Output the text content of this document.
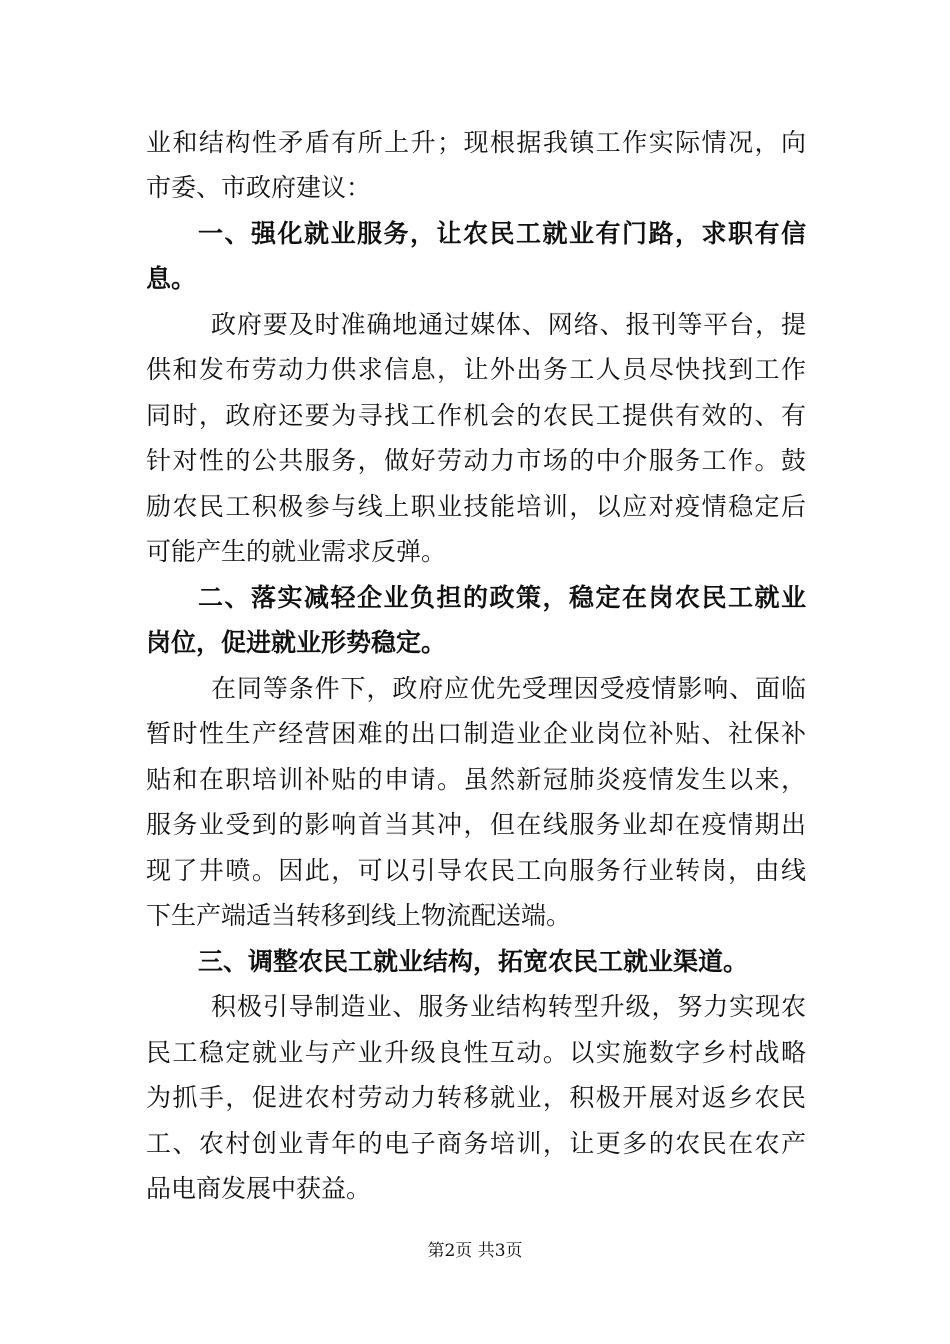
业和结构性矛盾有所上升；现根据我镇工作实际情况，向
市委、市政府建议：
一、强化就业服务，让农民工就业有门路，求职有信
息。
政府要及时准确地通过媒体、网络、报刊等平台，提
供和发布劳动力供求信息，让外出务工人员尽快找到工作
同时，政府还要为寻找工作机会的农民工提供有效的、有
针对性的公共服务，做好劳动力市场的中介服务工作。鼓
励农民工积极参与线上职业技能培训，以应对疫情稳定后
可能产生的就业需求反弹。
二、落实减轻企业负担的政策，稳定在岗农民工就业
岗位，促进就业形势稳定。
在同等条件下，政府应优先受理因受疫情影响、面临
暂时性生产经营困难的出口制造业企业岗位补贴、社保补
贴和在职培训补贴的申请。虽然新冠肺炎疫情发生以来，
服务业受到的影响首当其冲，但在线服务业却在疫情期出
现了井喷。因此，可以引导农民工向服务行业转岗，由线
下生产端适当转移到线上物流配送端。
三、调整农民工就业结构，拓宽农民工就业渠道。
积极引导制造业、服务业结构转型升级，努力实现农
民工稳定就业与产业升级良性互动。以实施数字乡村战略
为抓手，促进农村劳动力转移就业，积极开展对返乡农民
工、农村创业青年的电子商务培训，让更多的农民在农产
品电商发展中获益。
第2页 共3页
